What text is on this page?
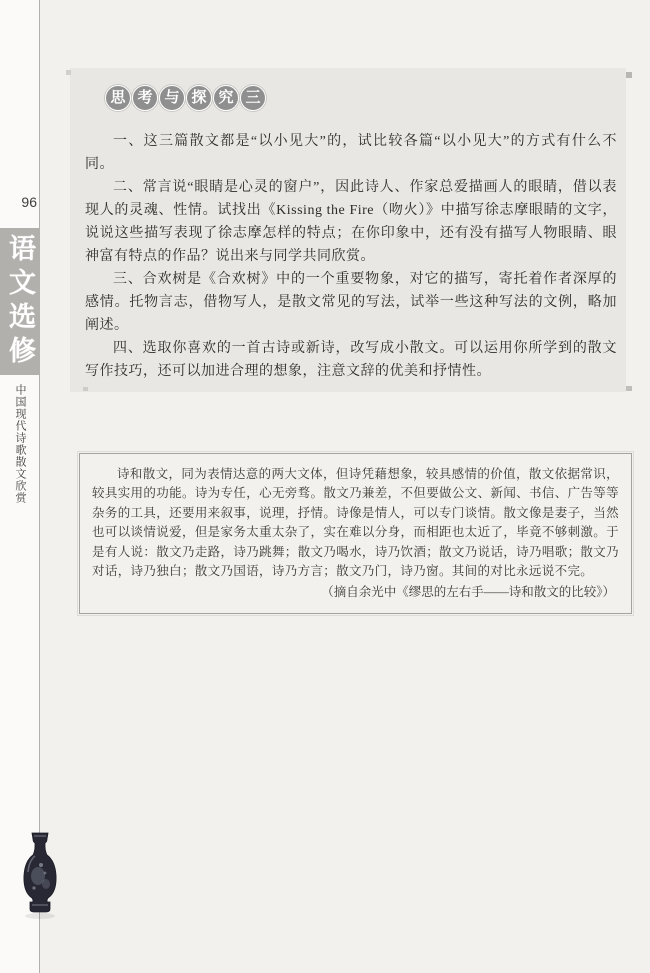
96
语文选修
中国现代诗歌散文欣赏
思 考 与 探 究 三

一、这三篇散文都是“以小见大”的，试比较各篇“以小见大”的方式有什么不同。

二、常言说“眼睛是心灵的窗户”，因此诗人、作家总爱描画人的眼睛，借以表现人的灵魂、性情。试找出《Kissing the Fire（吻火）》中描写徐志摩眼睛的文字，说说这些描写表现了徐志摩怎样的特点；在你印象中，还有没有描写人物眼睛、眼神富有特点的作品？说出来与同学共同欣赏。

三、合欢树是《合欢树》中的一个重要物象，对它的描写，寄托着作者深厚的感情。托物言志，借物写人，是散文常见的写法，试举一些这种写法的文例，略加阐述。

四、选取你喜欢的一首古诗或新诗，改写成小散文。可以运用你所学到的散文写作技巧，还可以加进合理的想象，注意文辞的优美和抒情性。

诗和散文，同为表情达意的两大文体，但诗凭藉想象，较具感情的价值，散文依据常识，较具实用的功能。诗为专任，心无旁骛。散文乃兼差，不但要做公文、新闻、书信、广告等等杂务的工具，还要用来叙事，说理，抒情。诗像是情人，可以专门谈情。散文像是妻子，当然也可以谈情说爱，但是家务太重太杂了，实在难以分身，而相距也太近了，毕竟不够刺激。于是有人说：散文乃走路，诗乃跳舞；散文乃喝水，诗乃饮酒；散文乃说话，诗乃唱歌；散文乃对话，诗乃独白；散文乃国语，诗乃方言；散文乃门，诗乃窗。其间的对比永远说不完。

（摘自余光中《缪思的左右手——诗和散文的比较》）
